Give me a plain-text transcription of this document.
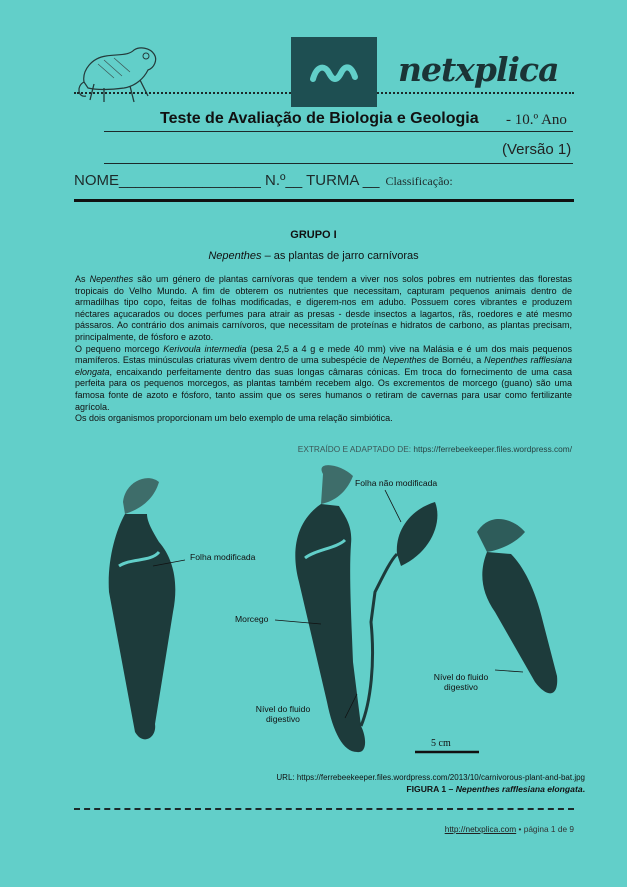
netxplica
Teste de Avaliação de Biologia e Geologia - 10.º Ano
(Versão 1)
NOME_________________ N.º__ TURMA __ Classificação:
GRUPO I
Nepenthes – as plantas de jarro carnívoras

As Nepenthes são um género de plantas carnívoras que tendem a viver nos solos pobres em nutrientes das florestas tropicais do Velho Mundo. A fim de obterem os nutrientes que necessitam, capturam pequenos animais dentro de armadilhas tipo copo, feitas de folhas modificadas, e digerem-nos em adubo. Possuem cores vibrantes e produzem néctares açucarados ou doces perfumes para atrair as presas - desde insectos a lagartos, rãs, roedores e até mesmo pássaros. Ao contrário dos animais carnívoros, que necessitam de proteínas e hidratos de carbono, as plantas precisam, principalmente, de fósforo e azoto.

O pequeno morcego Kerivoula intermedia (pesa 2,5 a 4 g e mede 40 mm) vive na Malásia e é um dos mais pequenos mamíferos. Estas minúsculas criaturas vivem dentro de uma subespécie de Nepenthes de Bornéu, a Nepenthes rafflesiana elongata, encaixando perfeitamente dentro das suas longas câmaras cónicas. Em troca do fornecimento de uma casa perfeita para os pequenos morcegos, as plantas também recebem algo. Os excrementos de morcego (guano) são uma famosa fonte de azoto e fósforo, tanto assim que os seres humanos o retiram de cavernas para usar como fertilizante agrícola.

Os dois organismos proporcionam um belo exemplo de uma relação simbiótica.

EXTRAÍDO E ADAPTADO DE: https://ferrebeekeeper.files.wordpress.com/
Folha não modificada
Folha modificada
Morcego
Nível do fluido
digestivo
Nível do fluido
digestivo
5 cm
URL: https://ferrebeekeeper.files.wordpress.com/2013/10/carnivorous-plant-and-bat.jpg
FIGURA 1 – Nepenthes rafflesiana elongata.
http://netxplica.com • página 1 de 9
